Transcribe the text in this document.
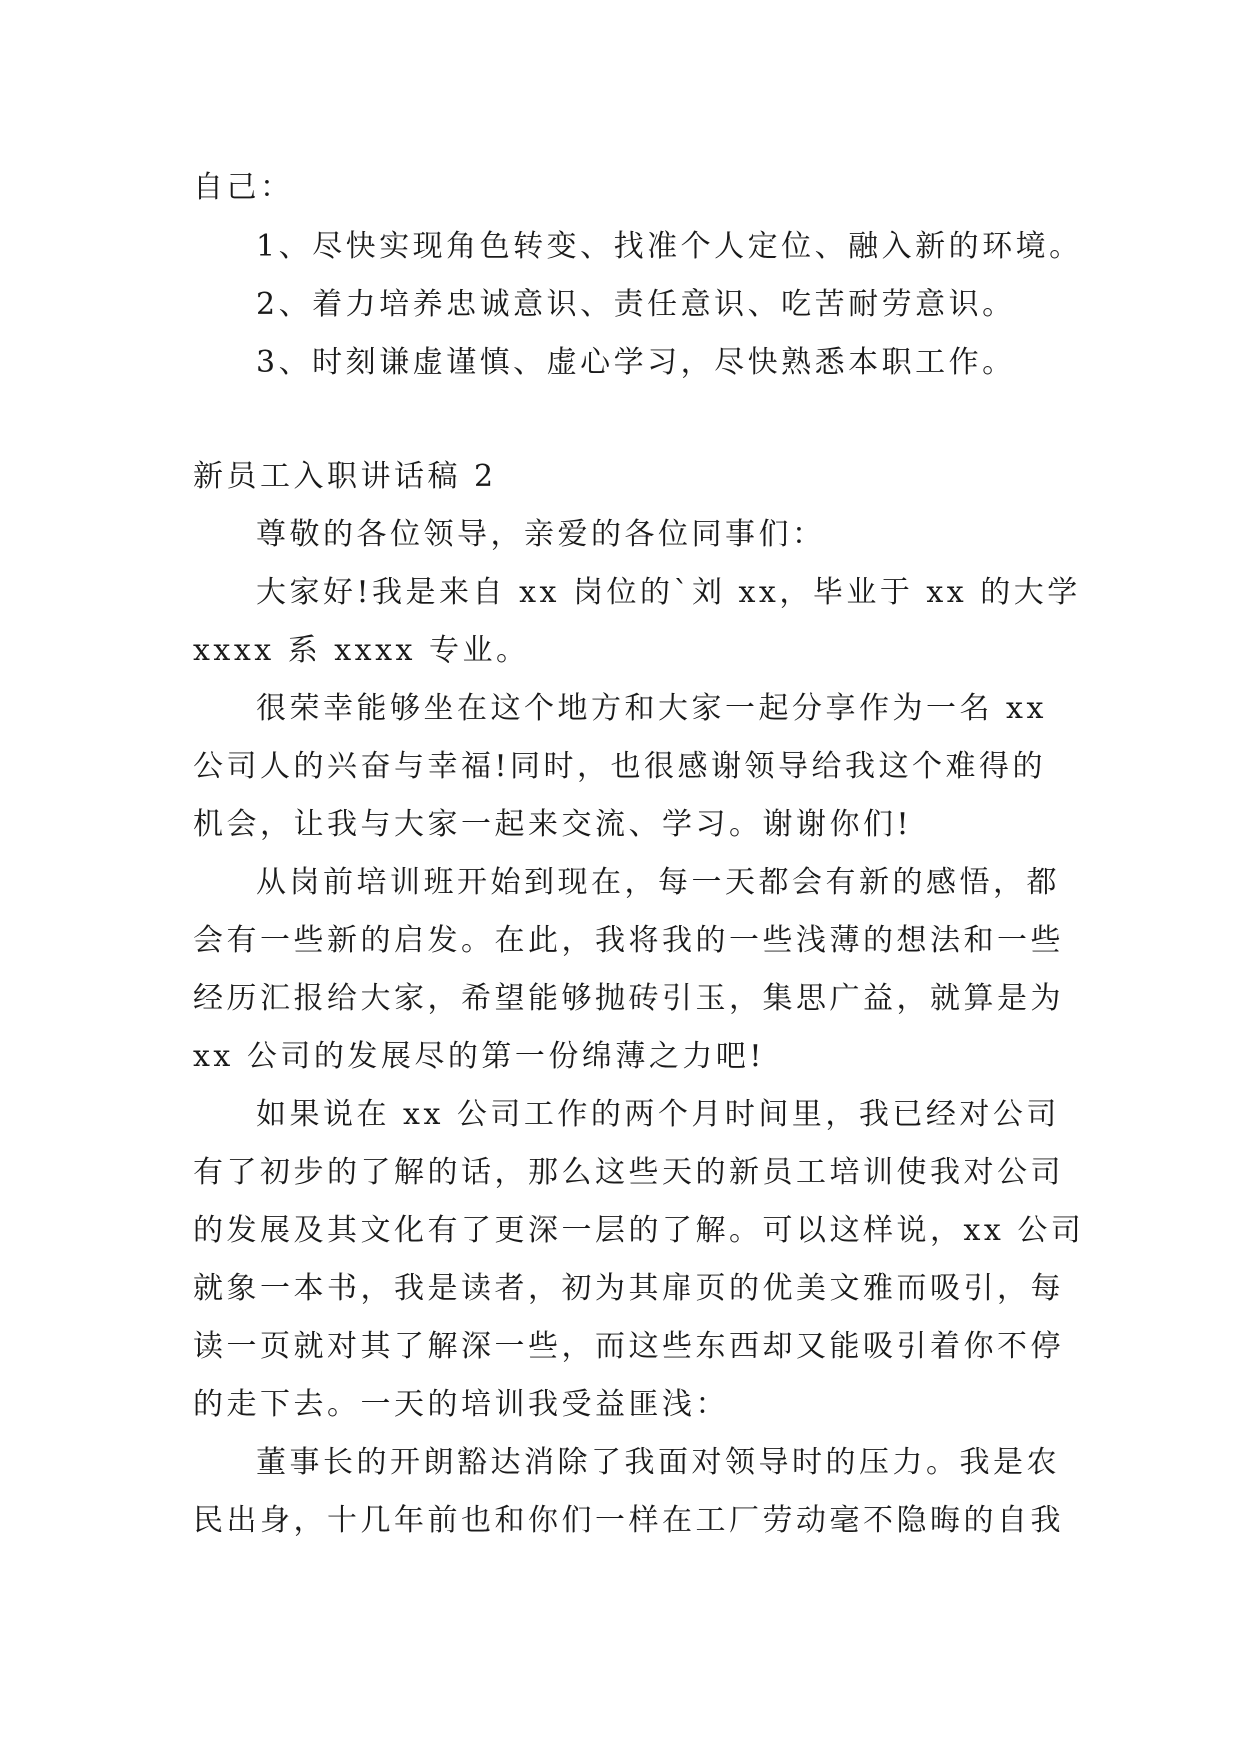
自己：
1、尽快实现角色转变、找准个人定位、融入新的环境。
2、着力培养忠诚意识、责任意识、吃苦耐劳意识。
3、时刻谦虚谨慎、虚心学习，尽快熟悉本职工作。
新员工入职讲话稿 2
尊敬的各位领导，亲爱的各位同事们：
大家好!我是来自 xx 岗位的`刘 xx，毕业于 xx 的大学
xxxx 系 xxxx 专业。
很荣幸能够坐在这个地方和大家一起分享作为一名 xx
公司人的兴奋与幸福!同时，也很感谢领导给我这个难得的
机会，让我与大家一起来交流、学习。谢谢你们!
从岗前培训班开始到现在，每一天都会有新的感悟，都
会有一些新的启发。在此，我将我的一些浅薄的想法和一些
经历汇报给大家，希望能够抛砖引玉，集思广益，就算是为
xx 公司的发展尽的第一份绵薄之力吧!
如果说在 xx 公司工作的两个月时间里，我已经对公司
有了初步的了解的话，那么这些天的新员工培训使我对公司
的发展及其文化有了更深一层的了解。可以这样说，xx 公司
就象一本书，我是读者，初为其扉页的优美文雅而吸引，每
读一页就对其了解深一些，而这些东西却又能吸引着你不停
的走下去。一天的培训我受益匪浅：
董事长的开朗豁达消除了我面对领导时的压力。我是农
民出身，十几年前也和你们一样在工厂劳动毫不隐晦的自我
